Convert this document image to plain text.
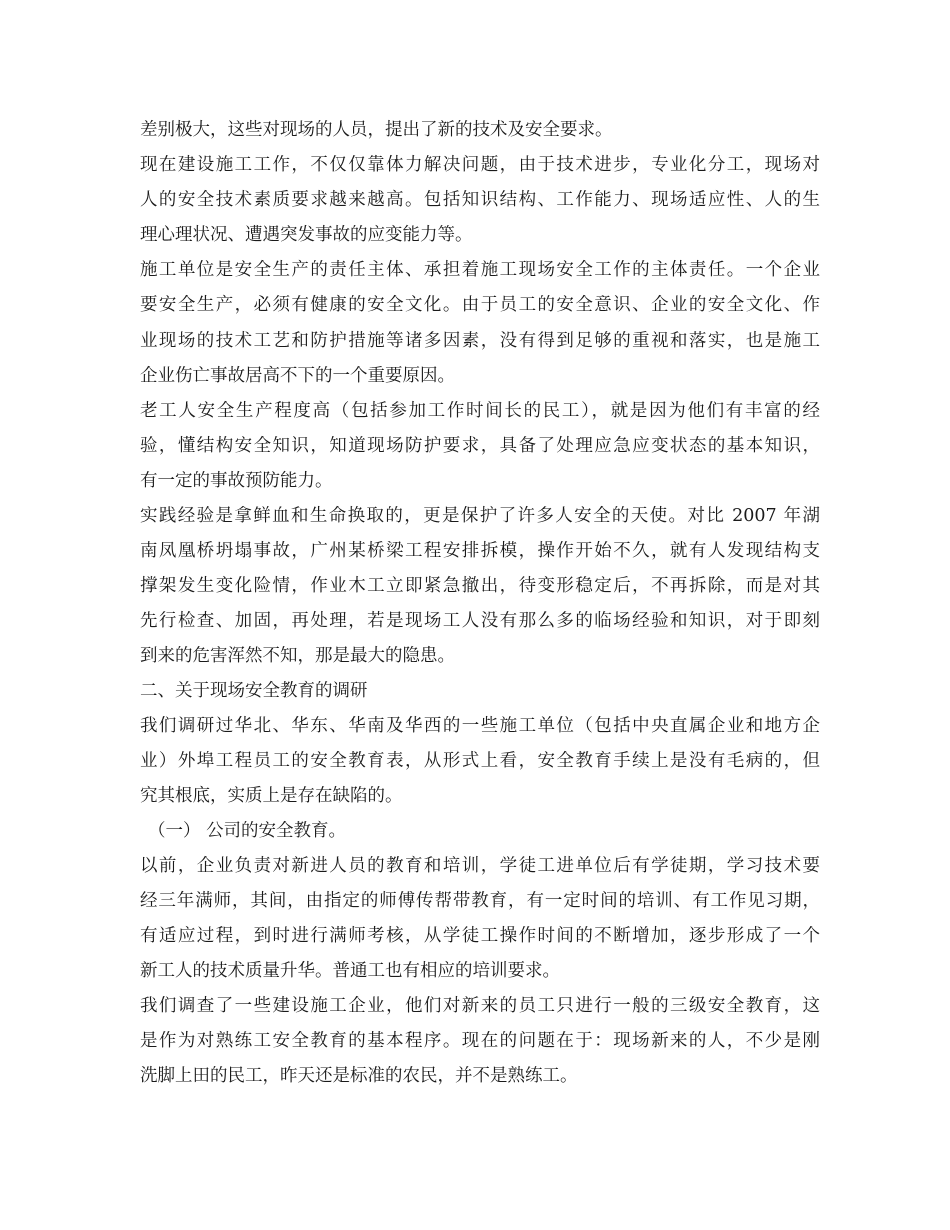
差别极大，这些对现场的人员，提出了新的技术及安全要求。
现在建设施工工作，不仅仅靠体力解决问题，由于技术进步，专业化分工，现场对
人的安全技术素质要求越来越高。包括知识结构、工作能力、现场适应性、人的生
理心理状况、遭遇突发事故的应变能力等。
施工单位是安全生产的责任主体、承担着施工现场安全工作的主体责任。一个企业
要安全生产，必须有健康的安全文化。由于员工的安全意识、企业的安全文化、作
业现场的技术工艺和防护措施等诸多因素，没有得到足够的重视和落实，也是施工
企业伤亡事故居高不下的一个重要原因。
老工人安全生产程度高（包括参加工作时间长的民工），就是因为他们有丰富的经
验，懂结构安全知识，知道现场防护要求，具备了处理应急应变状态的基本知识，
有一定的事故预防能力。
实践经验是拿鲜血和生命换取的，更是保护了许多人安全的天使。对比 2007 年湖
南凤凰桥坍塌事故，广州某桥梁工程安排拆模，操作开始不久，就有人发现结构支
撑架发生变化险情，作业木工立即紧急撤出，待变形稳定后，不再拆除，而是对其
先行检查、加固，再处理，若是现场工人没有那么多的临场经验和知识，对于即刻
到来的危害浑然不知，那是最大的隐患。
二、关于现场安全教育的调研
我们调研过华北、华东、华南及华西的一些施工单位（包括中央直属企业和地方企
业）外埠工程员工的安全教育表，从形式上看，安全教育手续上是没有毛病的，但
究其根底，实质上是存在缺陷的。
（一） 公司的安全教育。
以前，企业负责对新进人员的教育和培训，学徒工进单位后有学徒期，学习技术要
经三年满师，其间，由指定的师傅传帮带教育，有一定时间的培训、有工作见习期，
有适应过程，到时进行满师考核，从学徒工操作时间的不断增加，逐步形成了一个
新工人的技术质量升华。普通工也有相应的培训要求。
我们调查了一些建设施工企业，他们对新来的员工只进行一般的三级安全教育，这
是作为对熟练工安全教育的基本程序。现在的问题在于：现场新来的人，不少是刚
洗脚上田的民工，昨天还是标准的农民，并不是熟练工。
